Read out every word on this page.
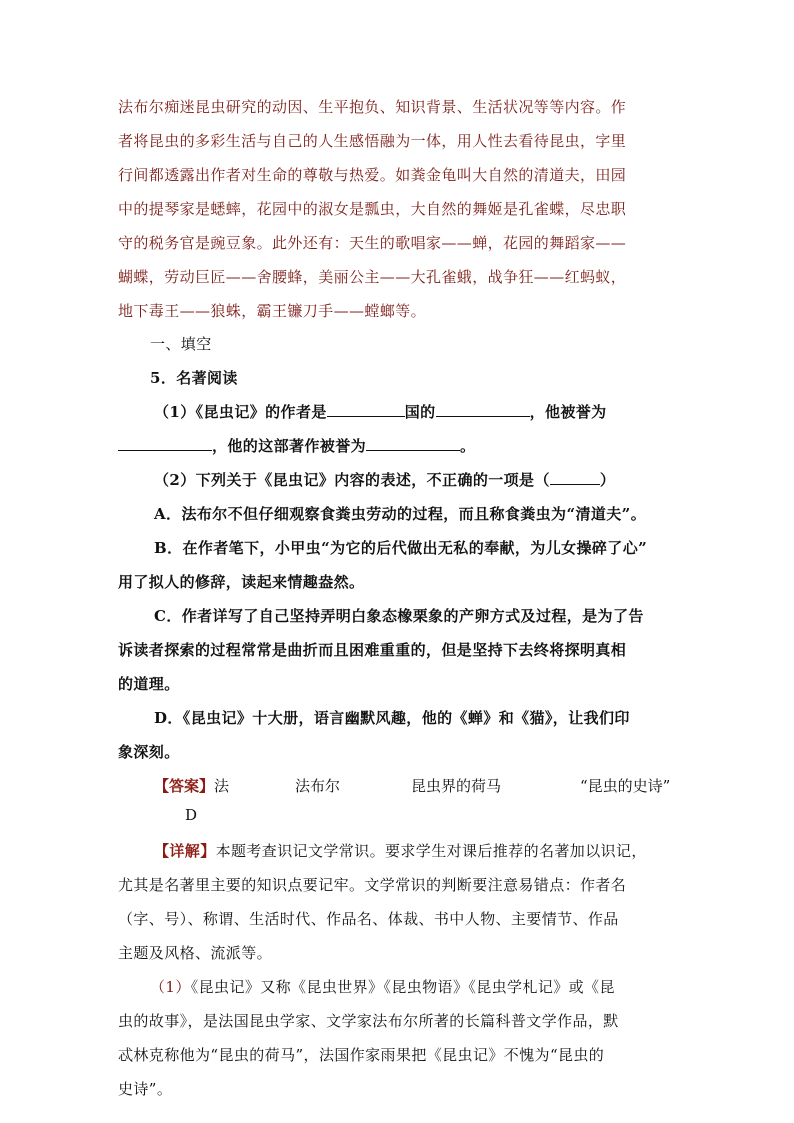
法布尔痴迷昆虫研究的动因、生平抱负、知识背景、生活状况等等内容。作
者将昆虫的多彩生活与自己的人生感悟融为一体，用人性去看待昆虫，字里
行间都透露出作者对生命的尊敬与热爱。如粪金龟叫大自然的清道夫，田园
中的提琴家是蟋蟀，花园中的淑女是瓢虫，大自然的舞姬是孔雀蝶，尽忠职
守的税务官是豌豆象。此外还有：天生的歌唱家——蝉，花园的舞蹈家——
蝴蝶，劳动巨匠——舍腰蜂，美丽公主——大孔雀蛾，战争狂——红蚂蚁，
地下毒王——狼蛛，霸王镰刀手——螳螂等。
一、填空
5．名著阅读
（1）《昆虫记》的作者是	国的	，他被誉为
，他的这部著作被誉为	。
（2）下列关于《昆虫记》内容的表述，不正确的一项是（	）
A．法布尔不但仔细观察食粪虫劳动的过程，而且称食粪虫为“清道夫”。
B．在作者笔下，小甲虫“为它的后代做出无私的奉献，为儿女操碎了心”
用了拟人的修辞，读起来情趣盎然。
C．作者详写了自己坚持弄明白象态橡栗象的产卵方式及过程，是为了告
诉读者探索的过程常常是曲折而且困难重重的，但是坚持下去终将探明真相
的道理。
D．《昆虫记》十大册，语言幽默风趣，他的《蝉》和《猫》，让我们印
象深刻。
【答案】法	法布尔	昆虫界的荷马	“昆虫的史诗”
D
【详解】本题考查识记文学常识。要求学生对课后推荐的名著加以识记，
尤其是名著里主要的知识点要记牢。文学常识的判断要注意易错点：作者名
（字、号）、称谓、生活时代、作品名、体裁、书中人物、主要情节、作品
主题及风格、流派等。
（1）《昆虫记》又称《昆虫世界》《昆虫物语》《昆虫学札记》或《昆
虫的故事》，是法国昆虫学家、文学家法布尔所著的长篇科普文学作品，默
忒林克称他为“昆虫的荷马”，法国作家雨果把《昆虫记》不愧为“昆虫的
史诗”。
